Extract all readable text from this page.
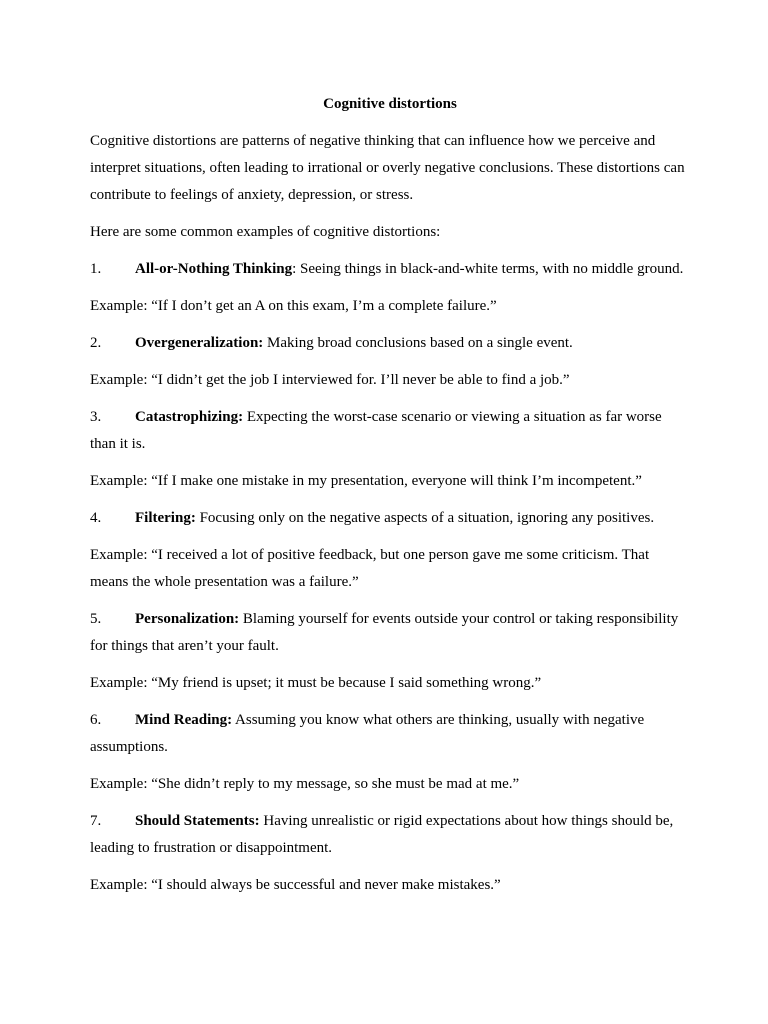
Cognitive distortions

Cognitive distortions are patterns of negative thinking that can influence how we perceive and interpret situations, often leading to irrational or overly negative conclusions. These distortions can contribute to feelings of anxiety, depression, or stress.

Here are some common examples of cognitive distortions:

1. All-or-Nothing Thinking: Seeing things in black-and-white terms, with no middle ground.

Example: “If I don’t get an A on this exam, I’m a complete failure.”

2. Overgeneralization: Making broad conclusions based on a single event.

Example: “I didn’t get the job I interviewed for. I’ll never be able to find a job.”

3. Catastrophizing: Expecting the worst-case scenario or viewing a situation as far worse than it is.

Example: “If I make one mistake in my presentation, everyone will think I’m incompetent.”

4. Filtering: Focusing only on the negative aspects of a situation, ignoring any positives.

Example: “I received a lot of positive feedback, but one person gave me some criticism. That means the whole presentation was a failure.”

5. Personalization: Blaming yourself for events outside your control or taking responsibility for things that aren’t your fault.

Example: “My friend is upset; it must be because I said something wrong.”

6. Mind Reading: Assuming you know what others are thinking, usually with negative assumptions.

Example: “She didn’t reply to my message, so she must be mad at me.”

7. Should Statements: Having unrealistic or rigid expectations about how things should be, leading to frustration or disappointment.

Example: “I should always be successful and never make mistakes.”
